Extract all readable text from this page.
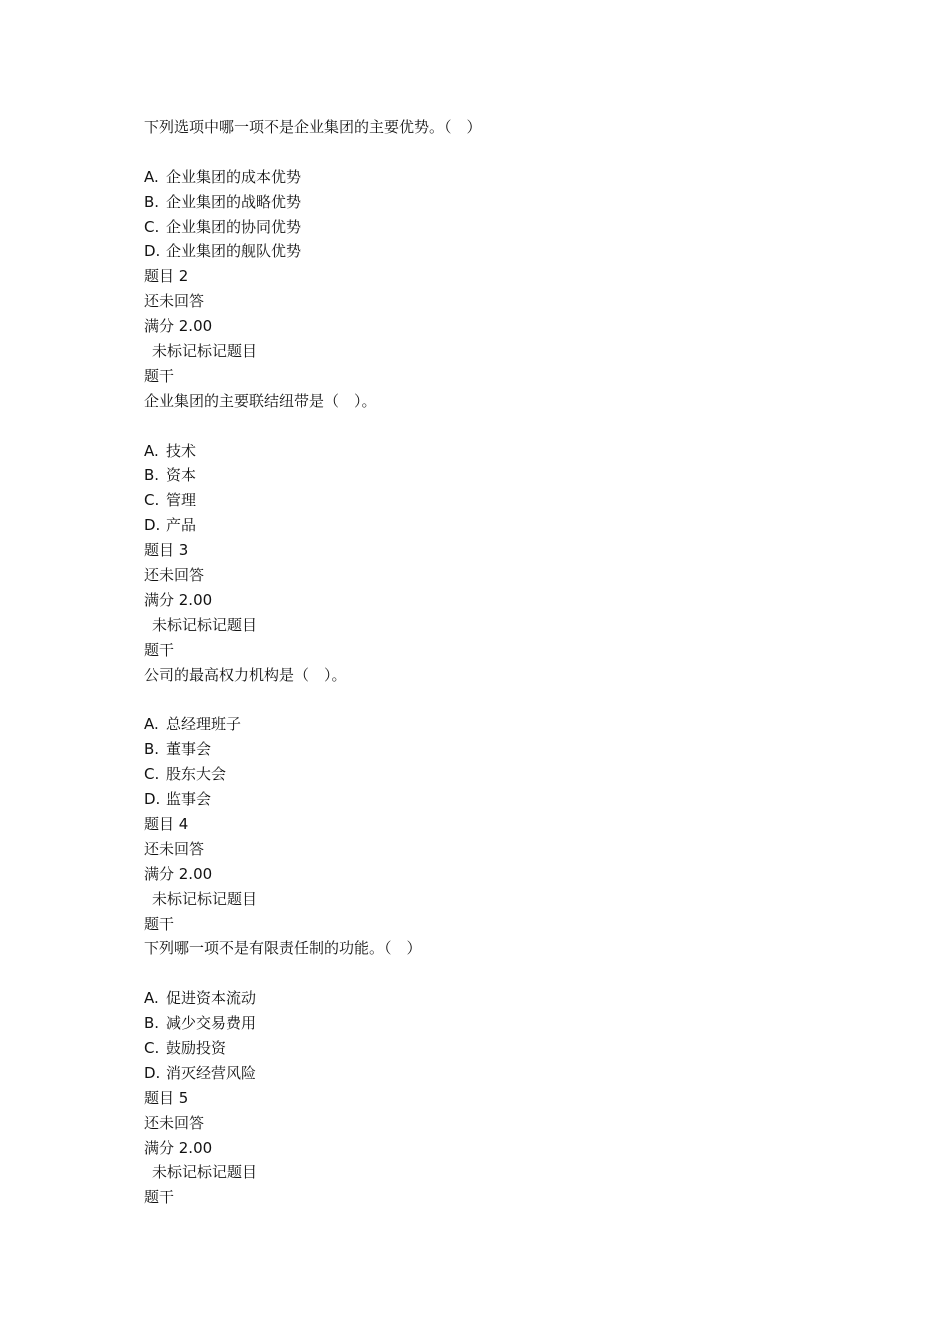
下列选项中哪一项不是企业集团的主要优势。（　）
A. 企业集团的成本优势
B. 企业集团的战略优势
C. 企业集团的协同优势
D. 企业集团的舰队优势
题目 2
还未回答
满分 2.00
未标记标记题目
题干
企业集团的主要联结纽带是（　）。
A. 技术
B. 资本
C. 管理
D. 产品
题目 3
还未回答
满分 2.00
未标记标记题目
题干
公司的最高权力机构是（　）。
A. 总经理班子
B. 董事会
C. 股东大会
D. 监事会
题目 4
还未回答
满分 2.00
未标记标记题目
题干
下列哪一项不是有限责任制的功能。（　）
A. 促进资本流动
B. 减少交易费用
C. 鼓励投资
D. 消灭经营风险
题目 5
还未回答
满分 2.00
未标记标记题目
题干
